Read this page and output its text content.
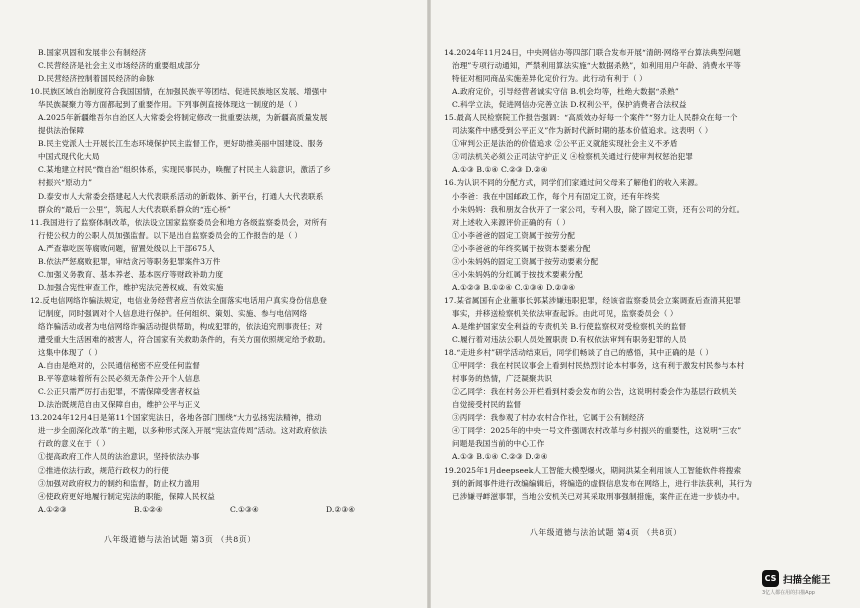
B.国家巩固和发展非公有制经济

C.民营经济是社会主义市场经济的重要组成部分

D.民营经济控制着国民经济的命脉

10.民族区域自治制度符合我国国情，在加强民族平等团结、促进民族地区发展、增强中

华民族凝聚力等方面都起到了重要作用。下列事例直接体现这一制度的是（ ）

A.2025年新疆维吾尔自治区人大常委会将制定修改一批重要法规，为新疆高质量发展

提供法治保障

B.民主党派人士开展长江生态环境保护民主监督工作，更好助推美丽中国建设、服务

中国式现代化大局

C.某地建立村民“微自治”组织体系，实现民事民办，唤醒了村民主人翁意识，激活了乡

村振兴“原动力”

D.泰安市人大常委会搭建起人大代表联系活动的新载体、新平台，打通人大代表联系

群众的“最后一公里”，筑起人大代表联系群众的“连心桥”

11.我国进行了监察体制改革，依法设立国家监察委员会和地方各级监察委员会，对所有

行使公权力的公职人员加强监督。以下是出自监察委员会的工作报告的是（ ）

A.严查靠吃医等腐败问题，留置处级以上干部675人

B.依法严惩腐败犯罪，审结贪污等职务犯罪案件3万件

C.加强义务教育、基本养老、基本医疗等财政补助力度

D.加强合宪性审查工作，维护宪法完善权威、有效实施

12.反电信网络诈骗法规定，电信业务经营者应当依法全面落实电话用户真实身份信息登

记制度，同时强调对个人信息进行保护。任何组织、策划、实施、参与电信网络

络诈骗活动或者为电信网络诈骗活动提供帮助，构成犯罪的，依法追究刑事责任；对

遭受重大生活困难的被害人，符合国家有关救助条件的，有关方面依照规定给予救助。

这集中体现了（ ）

A.自由是绝对的，公民通信秘密不应受任何监督

B.平等意味着所有公民必须无条件公开个人信息

C.公正只需严厉打击犯罪，不需保障受害者权益

D.法治既规范自由又保障自由，维护公平与正义

13.2024年12月4日是第11个国家宪法日，各地各部门围绕“大力弘扬宪法精神，推动

进一步全面深化改革”的主题，以多种形式深入开展“宪法宣传周”活动。这对政府依法

行政的意义在于（ ）

①提高政府工作人员的法治意识，坚持依法办事

②推进依法行政，规范行政权力的行使

③加强对政府权力的制约和监督，防止权力滥用

④使政府更好地履行制定宪法的职能，保障人民权益

A.①②③	B.①②④	C.①③④	D.②③④

14.2024年11月24日，中央网信办等四部门联合发布开展“清朗·网络平台算法典型问题

治理”专项行动通知，严禁利用算法实施“大数据杀熟”，如利用用户年龄、消费水平等

特征对相同商品实施差异化定价行为。此行动有利于（ ）

A.政府定价，引导经营者诚实守信 B.机会均等，杜绝大数据“杀熟”

C.科学立法，促进网信办完善立法 D.权利公平，保护消费者合法权益

15.最高人民检察院工作报告强调：“高质效办好每一个案件”“努力让人民群众在每一个

司法案件中感受到公平正义”作为新时代新时期的基本价值追求。这表明（ ）

①审判公正是法治的价值追求 ②公平正义就能实现社会主义不矛盾

③司法机关必须公正司法守护正义 ④检察机关通过行使审判权惩治犯罪

A.①③ B.①④ C.②③ D.②④

16.为认识不同的分配方式，同学们们家通过问父母来了解他们的收入来源。

小李爸：我在中国邮政工作，每个月有固定工资，还有年终奖

小朱妈妈：我和朋友合伙开了一家公司，专利入股，除了固定工资，还有公司的分红。

对上述收入来源评价正确的有（ ）

①小李爸爸的固定工资属于按劳分配

②小李爸爸的年终奖属于按资本要素分配

③小朱妈妈的固定工资属于按劳动要素分配

④小朱妈妈的分红属于按技术要素分配

A.①②③ B.①②④ C.①③④ D.②③④

17.某省属国有企业董事长郭某涉嫌违职犯罪，经该省监察委员会立案调查后查清其犯罪

事实，并移送检察机关依法审查起诉。由此可见，监察委员会（ ）

A.是维护国家安全利益的专责机关 B.行使监察权对受检察机关的监督

C.履行着对违法公职人员处置职责 D.有权依法审判有职务犯罪的人员

18.“走进乡村”研学活动结束后，同学们畅谈了自己的感悟，其中正确的是（ ）

①甲同学：我在村民议事会上看到村民热烈讨论本村事务，这有利于激发村民参与本村

村事务的热情，广泛凝聚共识

②乙同学：我在村务公开栏看到村委会发布的公告，这说明村委会作为基层行政机关

自觉接受村民的监督

③丙同学：我参观了村办农村合作社，它属于公有制经济

④丁同学：2025年的中央一号文件强调农村改革与乡村振兴的重要性，这说明“三农”

问题是我国当前的中心工作

A.①③ B.①④ C.②③ D.②④

19.2025年1月deepseek人工智能大模型爆火，期间洪某全利用该人工智能软件将搜索

到的新闻事件进行改编编辑后，将编造的虚假信息发布在网络上，进行非法获利，其行为

已涉嫌寻衅滋事罪，当地公安机关已对其采取刑事强制措施，案件正在进一步侦办中。

八年级道德与法治试题 第3页 （共8页）
八年级道德与法治试题 第4页 （共8页）
CS 扫描全能王
3亿人都在用的扫描App
